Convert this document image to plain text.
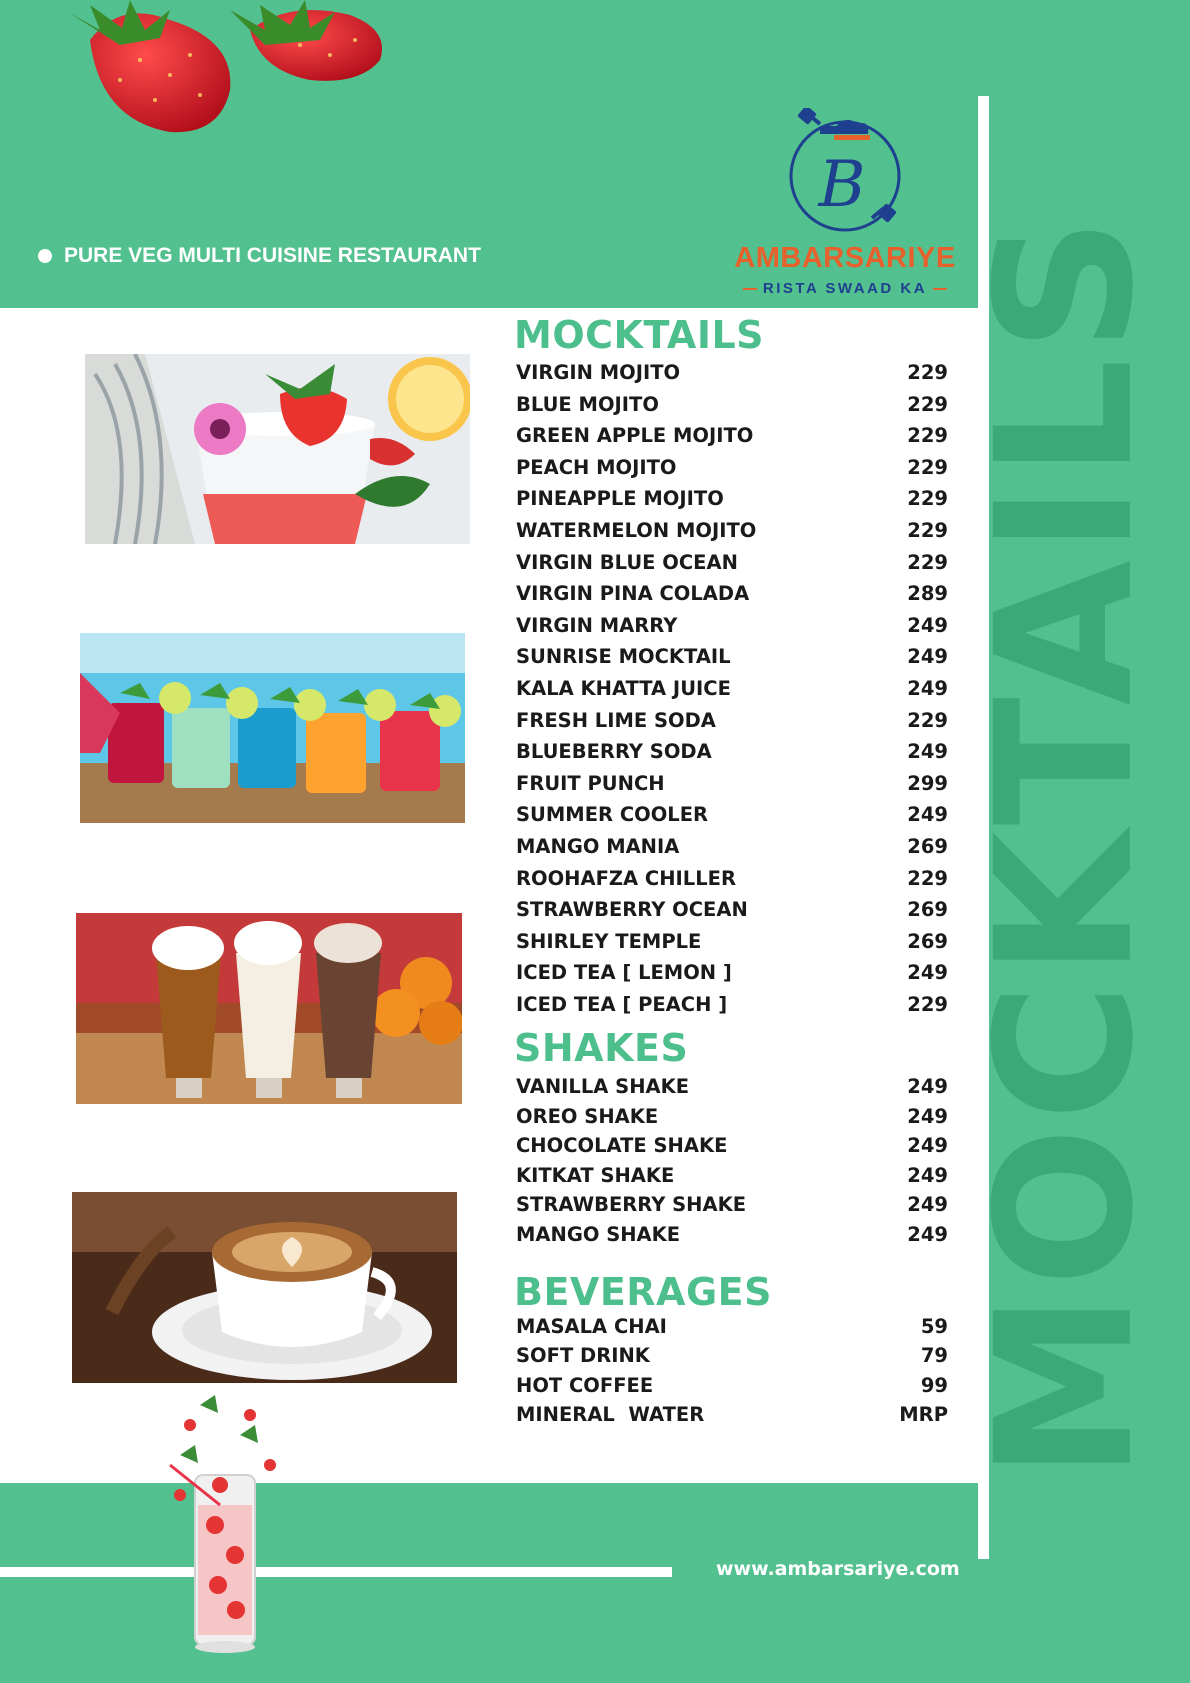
MOCKTAILS
PURE VEG MULTI CUISINE RESTAURANT
B
AMBARSARIYE
RISTA SWAAD KA
MOCKTAILS
VIRGIN MOJITO	229
BLUE MOJITO	229
GREEN APPLE MOJITO	229
PEACH MOJITO	229
PINEAPPLE MOJITO	229
WATERMELON MOJITO	229
VIRGIN BLUE OCEAN	229
VIRGIN PINA COLADA	289
VIRGIN MARRY	249
SUNRISE MOCKTAIL	249
KALA KHATTA JUICE	249
FRESH LIME SODA	229
BLUEBERRY SODA	249
FRUIT PUNCH	299
SUMMER COOLER	249
MANGO MANIA	269
ROOHAFZA CHILLER	229
STRAWBERRY OCEAN	269
SHIRLEY TEMPLE	269
ICED TEA [ LEMON ]	249
ICED TEA [ PEACH ]	229
SHAKES
VANILLA SHAKE	249
OREO SHAKE	249
CHOCOLATE SHAKE	249
KITKAT SHAKE	249
STRAWBERRY SHAKE	249
MANGO SHAKE	249
BEVERAGES
MASALA CHAI	59
SOFT DRINK	79
HOT COFFEE	99
MINERAL  WATER	MRP
www.ambarsariye.com
